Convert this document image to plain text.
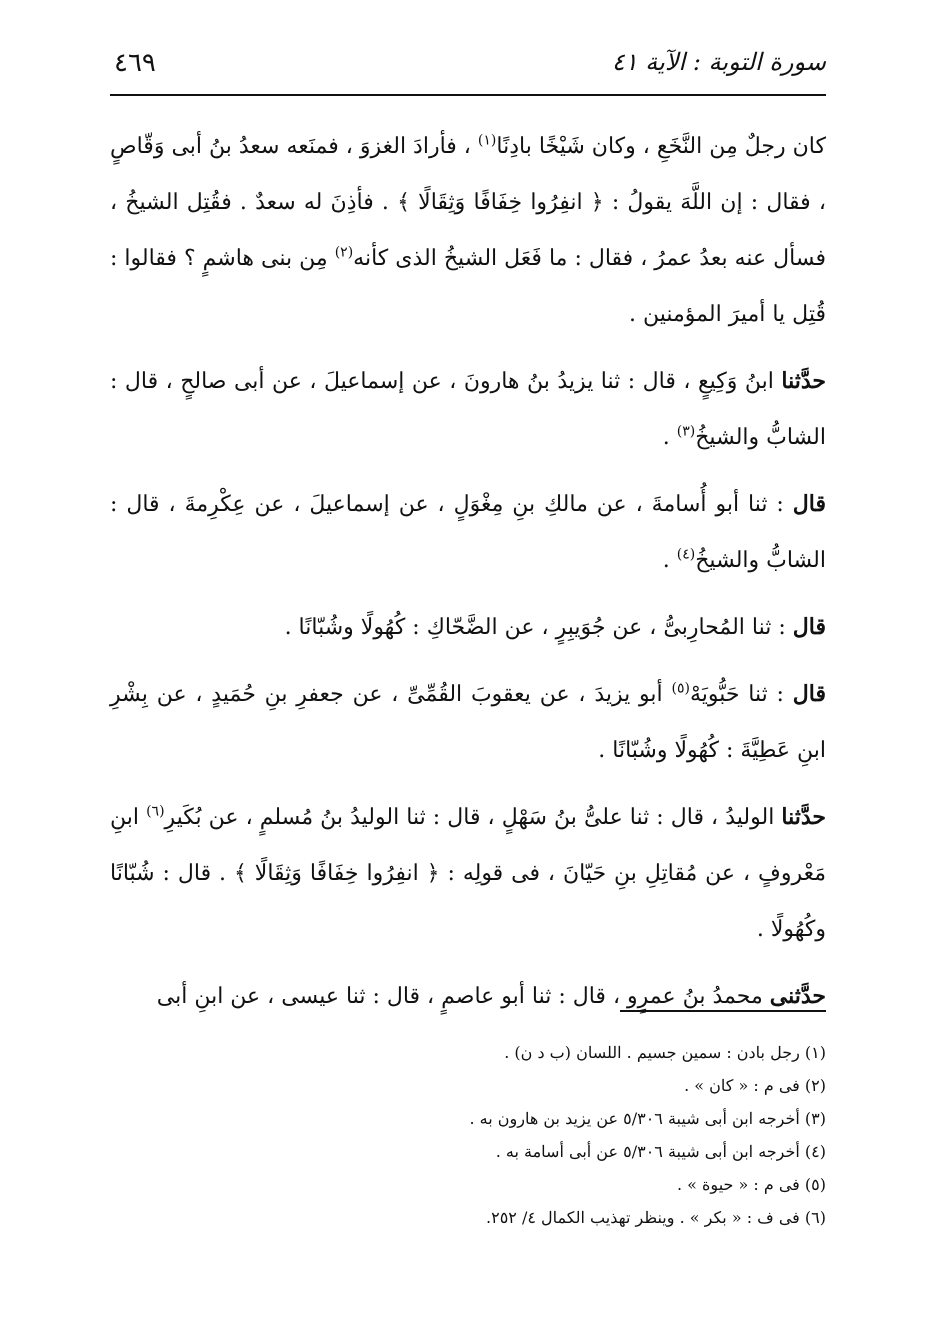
٤٦٩	سورة التوبة : الآية ٤١

كان رجلٌ مِن النَّخَعِ ، وكان شَيْخًا بادِنًا$^{(١)}$ ، فأرادَ الغزوَ ، فمنَعه سعدُ بنُ أبى وَقّاصٍ ، فقال : إن اللَّهَ يقولُ : ﴿ انفِرُوا خِفَافًا وَثِقَالًا ﴾ . فأذِنَ له سعدٌ . فقُتِل الشيخُ ، فسأل عنه بعدُ عمرُ ، فقال : ما فَعَل الشيخُ الذى كأنه$^{(٢)}$ مِن بنى هاشمٍ ؟ فقالوا : قُتِل يا أميرَ المؤمنين .

حدَّثنا ابنُ وَكِيعٍ ، قال : ثنا يزيدُ بنُ هارونَ ، عن إسماعيلَ ، عن أبى صالحٍ ، قال : الشابُّ والشيخُ$^{(٣)}$ .

قال : ثنا أبو أُسامةَ ، عن مالكِ بنِ مِغْوَلٍ ، عن إسماعيلَ ، عن عِكْرِمةَ ، قال : الشابُّ والشيخُ$^{(٤)}$ .

قال : ثنا المُحارِبىُّ ، عن جُوَيبِرٍ ، عن الضَّحّاكِ : كُهُولًا وشُبّانًا .

قال : ثنا حَبُّويَهْ$^{(٥)}$ أبو يزيدَ ، عن يعقوبَ القُمِّىِّ ، عن جعفرِ بنِ حُمَيدٍ ، عن بِشْرِ ابنِ عَطِيَّةَ : كُهُولًا وشُبّانًا .

حدَّثنا الوليدُ ، قال : ثنا علىُّ بنُ سَهْلٍ ، قال : ثنا الوليدُ بنُ مُسلمٍ ، عن بُكَيرِ$^{(٦)}$ ابنِ مَعْروفٍ ، عن مُقاتِلِ بنِ حَيّانَ ، فى قولِه : ﴿ انفِرُوا خِفَافًا وَثِقَالًا ﴾ . قال : شُبّانًا وكُهُولًا .

حدَّثنى محمدُ بنُ عمرٍو ، قال : ثنا أبو عاصمٍ ، قال : ثنا عيسى ، عن ابنِ أبى

(١) رجل بادن : سمين جسيم . اللسان (ب د ن) .

(٢) فى م : « كان » .

(٣) أخرجه ابن أبى شيبة ٥/٣٠٦ عن يزيد بن هارون به .

(٤) أخرجه ابن أبى شيبة ٥/٣٠٦ عن أبى أسامة به .

(٥) فى م : « حيوة » .

(٦) فى ف : « بكر » . وينظر تهذيب الكمال ٤/ ٢٥٢.
